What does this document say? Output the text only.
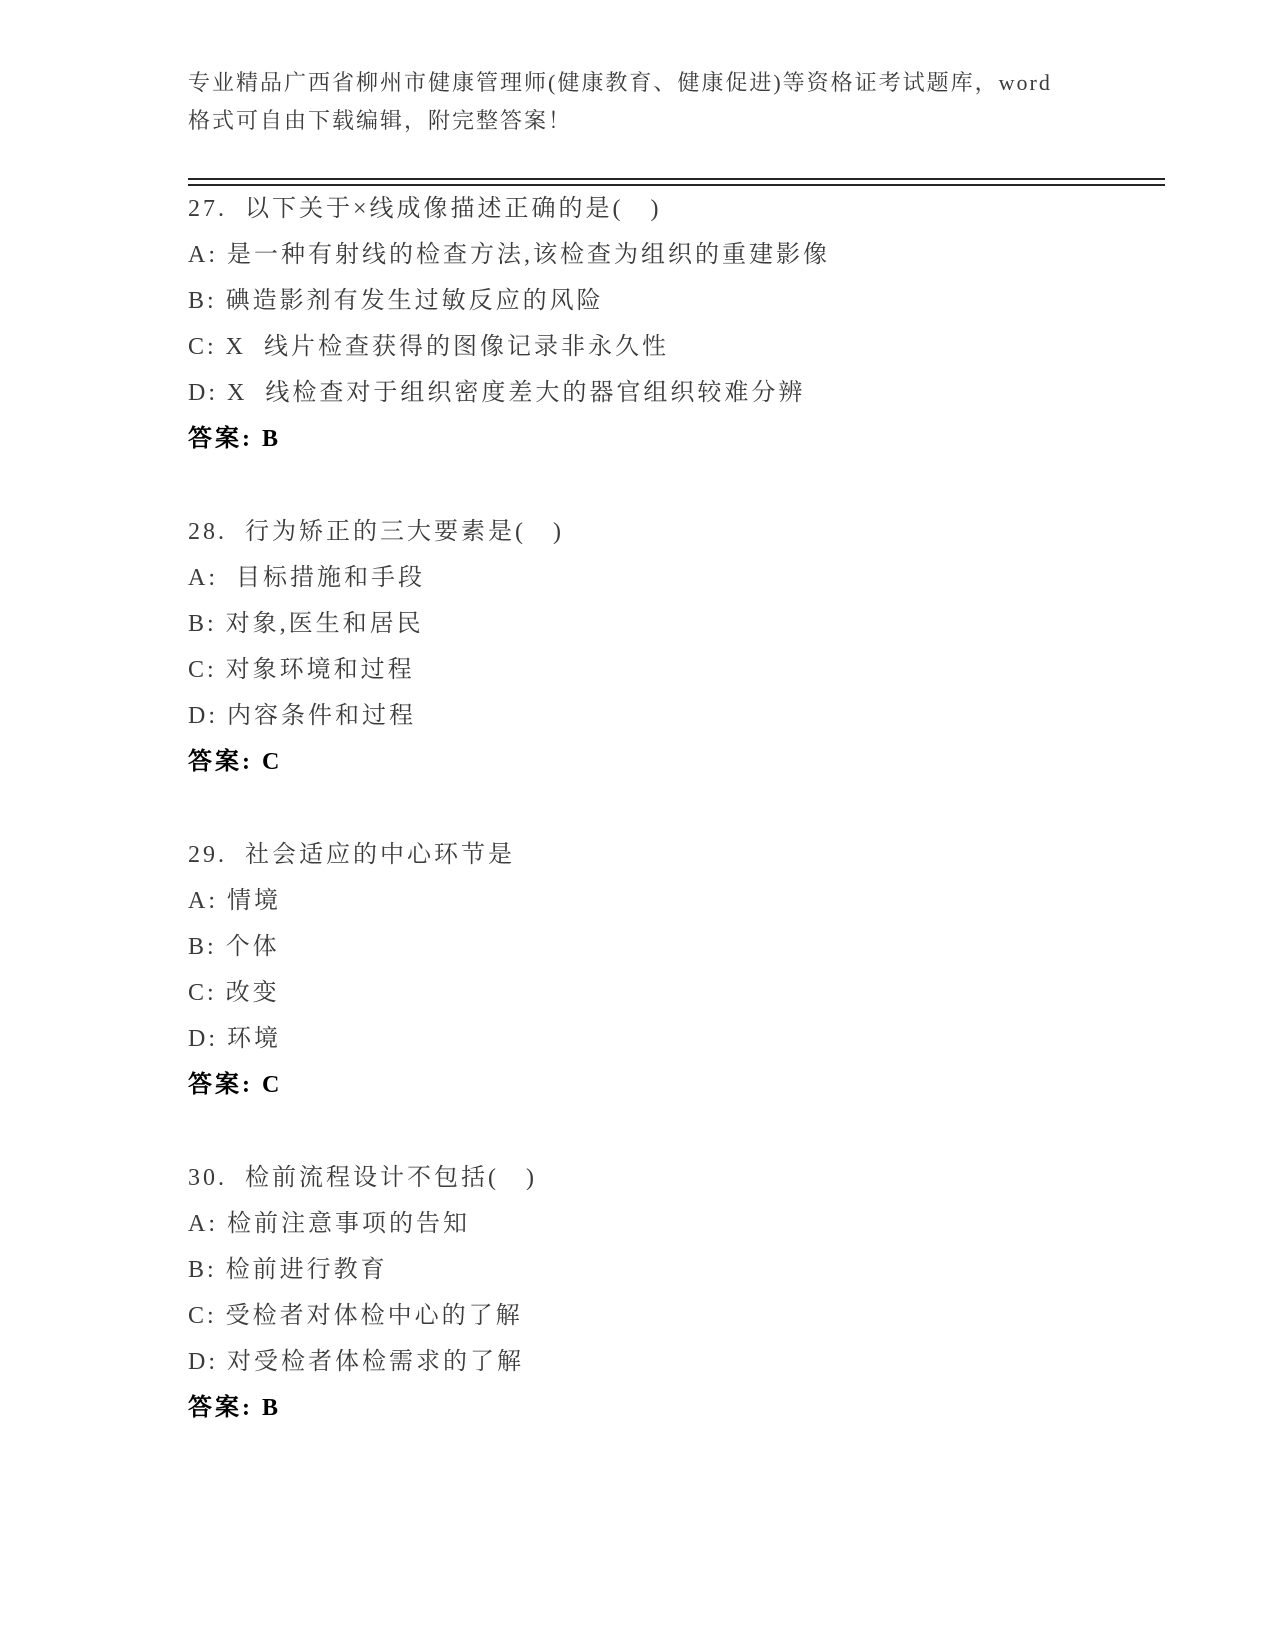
专业精品广西省柳州市健康管理师(健康教育、健康促进)等资格证考试题库，word
格式可自由下载编辑，附完整答案！
27.  以下关于×线成像描述正确的是(   )
A: 是一种有射线的检查方法,该检查为组织的重建影像
B: 碘造影剂有发生过敏反应的风险
C: X  线片检查获得的图像记录非永久性
D: X  线检查对于组织密度差大的器官组织较难分辨
答案: B
28.  行为矫正的三大要素是(   )
A:  目标措施和手段
B: 对象,医生和居民
C: 对象环境和过程
D: 内容条件和过程
答案: C
29.  社会适应的中心环节是
A: 情境
B: 个体
C: 改变
D: 环境
答案: C
30.  检前流程设计不包括(   )
A: 检前注意事项的告知
B: 检前进行教育
C: 受检者对体检中心的了解
D: 对受检者体检需求的了解
答案: B
